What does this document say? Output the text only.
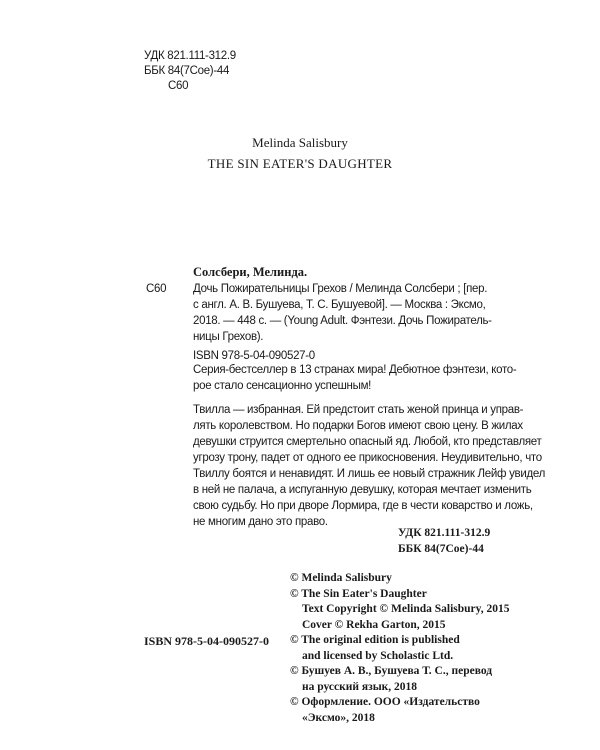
УДК 821.111-312.9
ББК 84(7Сое)-44
С60
Melinda Salisbury
THE SIN EATER'S DAUGHTER
Солсбери, Мелинда.
С60 Дочь Пожирательницы Грехов / Мелинда Солсбери ; [пер.
с англ. А. В. Бушуева, Т. С. Бушуевой]. — Москва : Эксмо,
2018. — 448 с. — (Young Adult. Фэнтези. Дочь Пожиратель-
ницы Грехов).
ISBN 978-5-04-090527-0
Серия-бестселлер в 13 странах мира! Дебютное фэнтези, кото-
рое стало сенсационно успешным!
Твилла — избранная. Ей предстоит стать женой принца и управ-
лять королевством. Но подарки Богов имеют свою цену. В жилах
девушки струится смертельно опасный яд. Любой, кто представляет
угрозу трону, падет от одного ее прикосновения. Неудивительно, что
Твиллу боятся и ненавидят. И лишь ее новый стражник Лейф увидел
в ней не палача, а испуганную девушку, которая мечтает изменить
свою судьбу. Но при дворе Лормира, где в чести коварство и ложь,
не многим дано это право.
УДК 821.111-312.9
ББК 84(7Сое)-44
© Melinda Salisbury
© The Sin Eater's Daughter
Text Copyright © Melinda Salisbury, 2015
Cover © Rekha Garton, 2015
© The original edition is published
and licensed by Scholastic Ltd.
© Бушуев А. В., Бушуева Т. С., перевод
на русский язык, 2018
© Оформление. ООО «Издательство
«Эксмо», 2018
ISBN 978-5-04-090527-0
